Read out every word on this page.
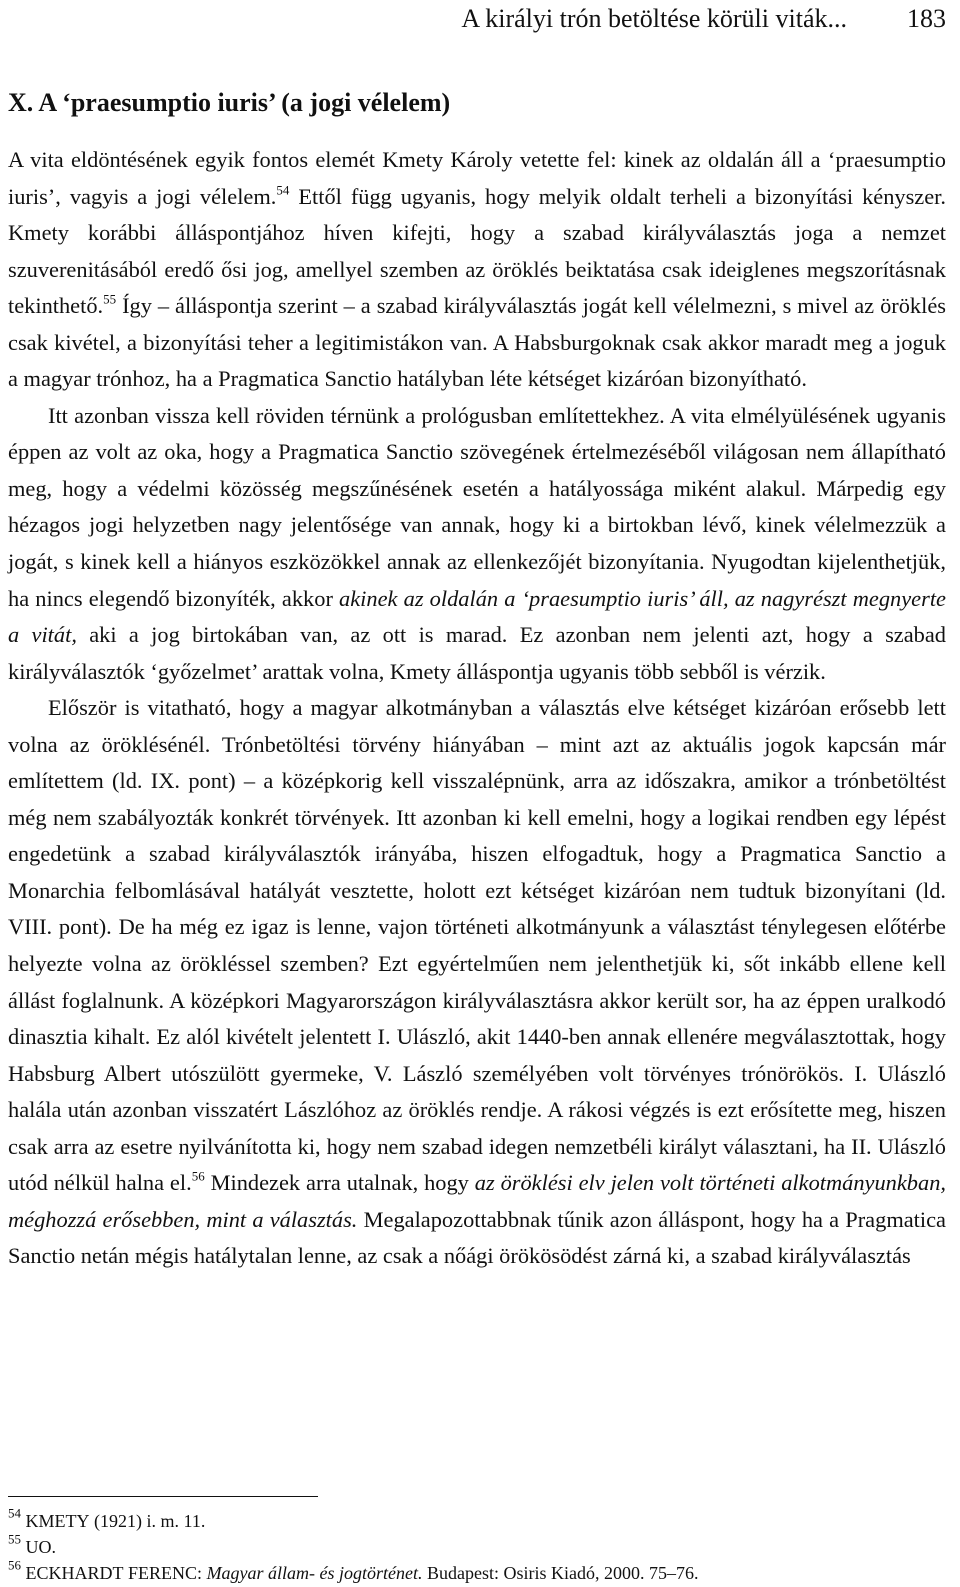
A királyi trón betöltése körüli viták... 183
X. A ‘praesumptio iuris’ (a jogi vélelem)

A vita eldöntésének egyik fontos elemét Kmety Károly vetette fel: kinek az oldalán áll a ‘praesumptio iuris’, vagyis a jogi vélelem.$^{54}$ Ettől függ ugyanis, hogy melyik oldalt terheli a bizonyítási kényszer. Kmety korábbi álláspontjához híven kifejti, hogy a szabad királyválasztás joga a nemzet szuverenitásából eredő ősi jog, amellyel szemben az öröklés beiktatása csak ideiglenes megszorításnak tekinthető.$^{55}$ Így – álláspontja szerint – a szabad királyválasztás jogát kell vélelmezni, s mivel az öröklés csak kivétel, a bizonyítási teher a legitimistákon van. A Habsburgoknak csak akkor maradt meg a joguk a magyar trónhoz, ha a Pragmatica Sanctio hatályban léte kétséget kizáróan bizonyítható.

Itt azonban vissza kell röviden térnünk a prológusban említettekhez. A vita elmélyülésének ugyanis éppen az volt az oka, hogy a Pragmatica Sanctio szövegének értelmezéséből világosan nem állapítható meg, hogy a védelmi közösség megszűnésének esetén a hatályossága miként alakul. Márpedig egy hézagos jogi helyzetben nagy jelentősége van annak, hogy ki a birtokban lévő, kinek vélelmezzük a jogát, s kinek kell a hiányos eszközökkel annak az ellenkezőjét bizonyítania. Nyugodtan kijelenthetjük, ha nincs elegendő bizonyíték, akkor akinek az oldalán a ‘praesumptio iuris’ áll, az nagyrészt megnyerte a vitát, aki a jog birtokában van, az ott is marad. Ez azonban nem jelenti azt, hogy a szabad királyválasztók ‘győzelmet’ arattak volna, Kmety álláspontja ugyanis több sebből is vérzik.

Először is vitatható, hogy a magyar alkotmányban a választás elve kétséget kizáróan erősebb lett volna az öröklésénél. Trónbetöltési törvény hiányában – mint azt az aktuális jogok kapcsán már említettem (ld. IX. pont) – a középkorig kell visszalépnünk, arra az időszakra, amikor a trónbetöltést még nem szabályozták konkrét törvények. Itt azonban ki kell emelni, hogy a logikai rendben egy lépést engedetünk a szabad királyválasztók irányába, hiszen elfogadtuk, hogy a Pragmatica Sanctio a Monarchia felbomlásával hatályát vesztette, holott ezt kétséget kizáróan nem tudtuk bizonyítani (ld. VIII. pont). De ha még ez igaz is lenne, vajon történeti alkotmányunk a választást ténylegesen előtérbe helyezte volna az örökléssel szemben? Ezt egyértelműen nem jelenthetjük ki, sőt inkább ellene kell állást foglalnunk. A középkori Magyarországon királyválasztásra akkor került sor, ha az éppen uralkodó dinasztia kihalt. Ez alól kivételt jelentett I. Ulászló, akit 1440-ben annak ellenére megválasztottak, hogy Habsburg Albert utószülött gyermeke, V. László személyében volt törvényes trónörökös. I. Ulászló halála után azonban visszatért Lászlóhoz az öröklés rendje. A rákosi végzés is ezt erősítette meg, hiszen csak arra az esetre nyilvánította ki, hogy nem szabad idegen nemzetbéli királyt választani, ha II. Ulászló utód nélkül halna el.$^{56}$ Mindezek arra utalnak, hogy az öröklési elv jelen volt történeti alkotmányunkban, méghozzá erősebben, mint a választás. Megalapozottabbnak tűnik azon álláspont, hogy ha a Pragmatica Sanctio netán mégis hatálytalan lenne, az csak a nőági örökösödést zárná ki, a szabad királyválasztás

$^{54}$ KMETY (1921) i. m. 11.
$^{55}$ UO.
$^{56}$ ECKHARDT FERENC: Magyar állam- és jogtörténet. Budapest: Osiris Kiadó, 2000. 75–76.
